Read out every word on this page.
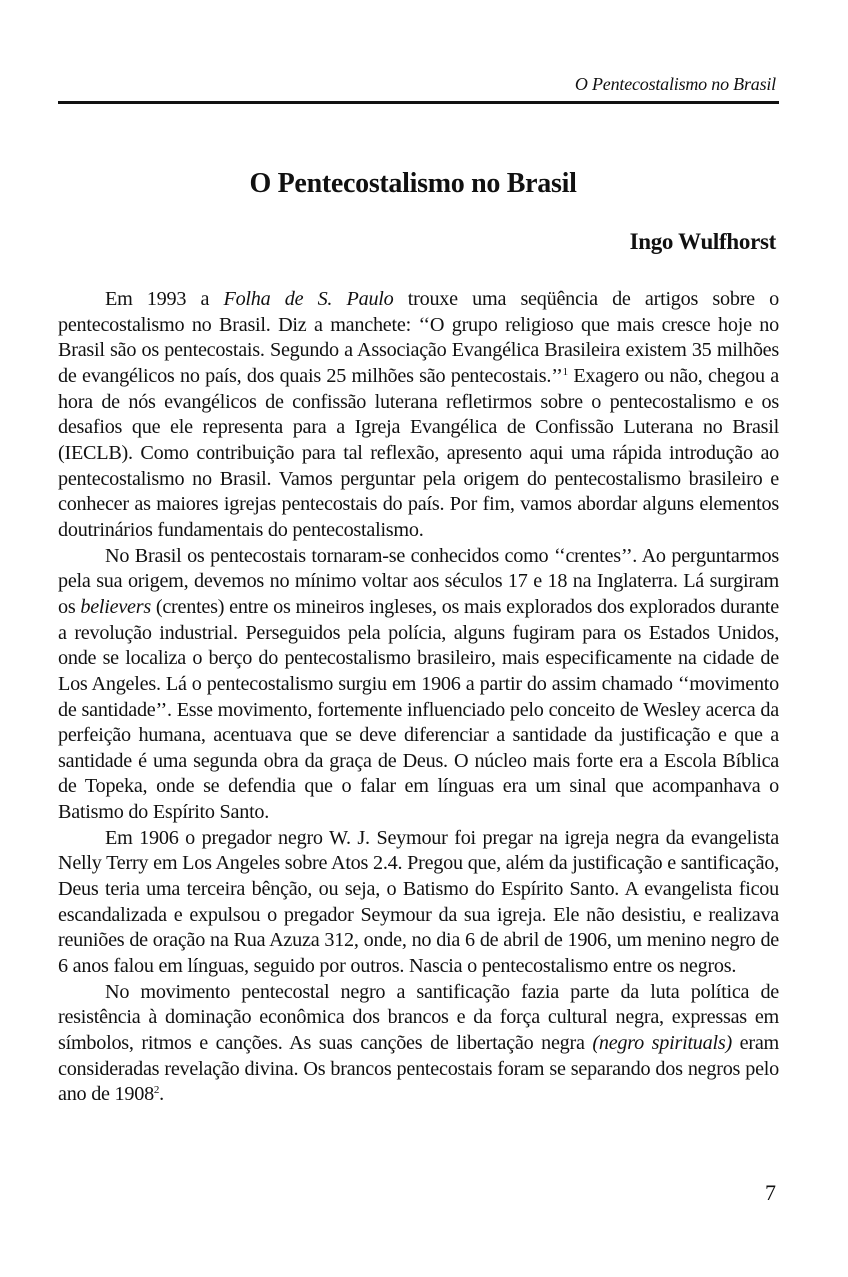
O Pentecostalismo no Brasil
O Pentecostalismo no Brasil
Ingo Wulfhorst

Em 1993 a Folha de S. Paulo trouxe uma seqüência de artigos sobre o pentecostalismo no Brasil. Diz a manchete: ‘‘O grupo religioso que mais cresce hoje no Brasil são os pentecostais. Segundo a Associação Evangélica Brasileira existem 35 milhões de evangélicos no país, dos quais 25 milhões são pentecostais.’’$^1$ Exagero ou não, chegou a hora de nós evangélicos de confissão luterana refletirmos sobre o pentecostalismo e os desafios que ele representa para a Igreja Evangélica de Confissão Luterana no Brasil (IECLB). Como contribuição para tal reflexão, apresento aqui uma rápida introdução ao pentecostalismo no Brasil. Vamos perguntar pela origem do pentecostalismo brasileiro e conhecer as maiores igrejas pentecostais do país. Por fim, vamos abordar alguns elementos doutrinários fundamentais do pentecostalismo.

No Brasil os pentecostais tornaram-se conhecidos como ‘‘crentes’’. Ao perguntarmos pela sua origem, devemos no mínimo voltar aos séculos 17 e 18 na Inglaterra. Lá surgiram os believers (crentes) entre os mineiros ingleses, os mais explorados dos explorados durante a revolução industrial. Perseguidos pela polícia, alguns fugiram para os Estados Unidos, onde se localiza o berço do pentecostalismo brasileiro, mais especificamente na cidade de Los Angeles. Lá o pentecostalismo surgiu em 1906 a partir do assim chamado ‘‘movimento de santidade’’. Esse movimento, fortemente influenciado pelo conceito de Wesley acerca da perfeição humana, acentuava que se deve diferenciar a santidade da justificação e que a santidade é uma segunda obra da graça de Deus. O núcleo mais forte era a Escola Bíblica de Topeka, onde se defendia que o falar em línguas era um sinal que acompanhava o Batismo do Espírito Santo.

Em 1906 o pregador negro W. J. Seymour foi pregar na igreja negra da evangelista Nelly Terry em Los Angeles sobre Atos 2.4. Pregou que, além da justificação e santificação, Deus teria uma terceira bênção, ou seja, o Batismo do Espírito Santo. A evangelista ficou escandalizada e expulsou o pregador Seymour da sua igreja. Ele não desistiu, e realizava reuniões de oração na Rua Azuza 312, onde, no dia 6 de abril de 1906, um menino negro de 6 anos falou em línguas, seguido por outros. Nascia o pentecostalismo entre os negros.

No movimento pentecostal negro a santificação fazia parte da luta política de resistência à dominação econômica dos brancos e da força cultural negra, expressas em símbolos, ritmos e canções. As suas canções de libertação negra (negro spirituals) eram consideradas revelação divina. Os brancos pentecostais foram se separando dos negros pelo ano de 1908$^2$.

7
